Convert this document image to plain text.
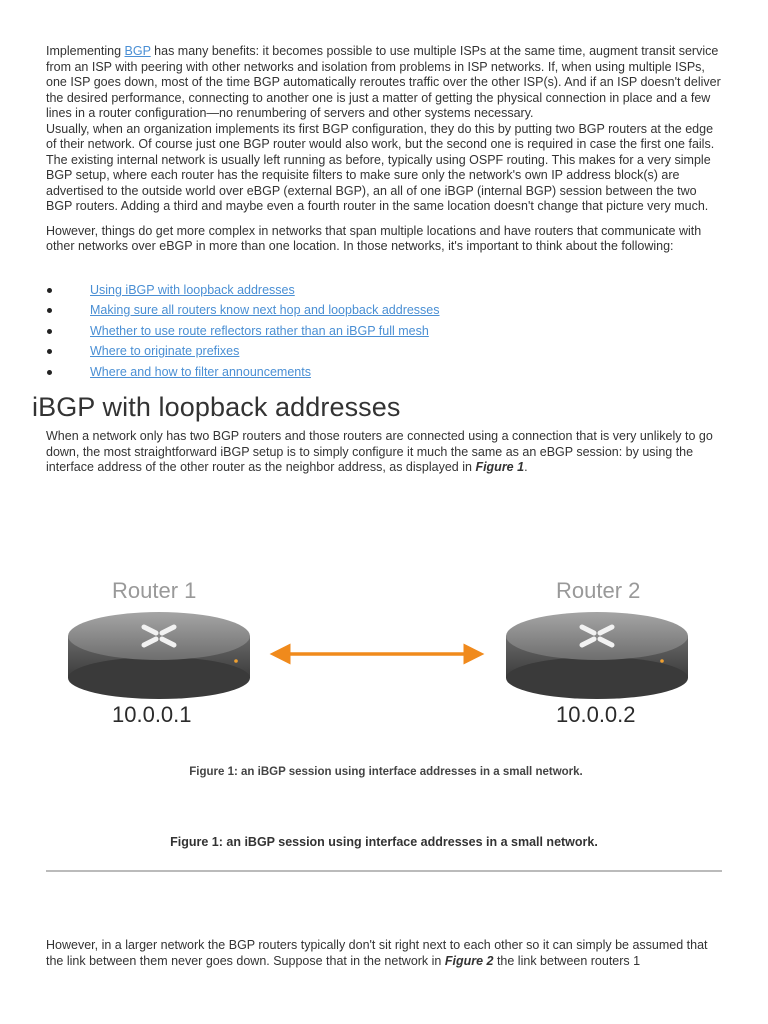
Implementing BGP has many benefits: it becomes possible to use multiple ISPs at the same time, augment transit service from an ISP with peering with other networks and isolation from problems in ISP networks. If, when using multiple ISPs, one ISP goes down, most of the time BGP automatically reroutes traffic over the other ISP(s). And if an ISP doesn't deliver the desired performance, connecting to another one is just a matter of getting the physical connection in place and a few lines in a router configuration—no renumbering of servers and other systems necessary.

Usually, when an organization implements its first BGP configuration, they do this by putting two BGP routers at the edge of their network. Of course just one BGP router would also work, but the second one is required in case the first one fails. The existing internal network is usually left running as before, typically using OSPF routing. This makes for a very simple BGP setup, where each router has the requisite filters to make sure only the network's own IP address block(s) are advertised to the outside world over eBGP (external BGP), an all of one iBGP (internal BGP) session between the two BGP routers. Adding a third and maybe even a fourth router in the same location doesn't change that picture very much.

However, things do get more complex in networks that span multiple locations and have routers that communicate with other networks over eBGP in more than one location. In those networks, it's important to think about the following:

Using iBGP with loopback addresses
Making sure all routers know next hop and loopback addresses
Whether to use route reflectors rather than an iBGP full mesh
Where to originate prefixes
Where and how to filter announcements
iBGP with loopback addresses

When a network only has two BGP routers and those routers are connected using a connection that is very unlikely to go down, the most straightforward iBGP setup is to simply configure it much the same as an eBGP session: by using the interface address of the other router as the neighbor address, as displayed in Figure 1.

Router 1	Router 2
10.0.0.1	10.0.0.2
Figure 1: an iBGP session using interface addresses in a small network.
Figure 1: an iBGP session using interface addresses in a small network.

However, in a larger network the BGP routers typically don't sit right next to each other so it can simply be assumed that the link between them never goes down. Suppose that in the network in Figure 2 the link between routers 1
